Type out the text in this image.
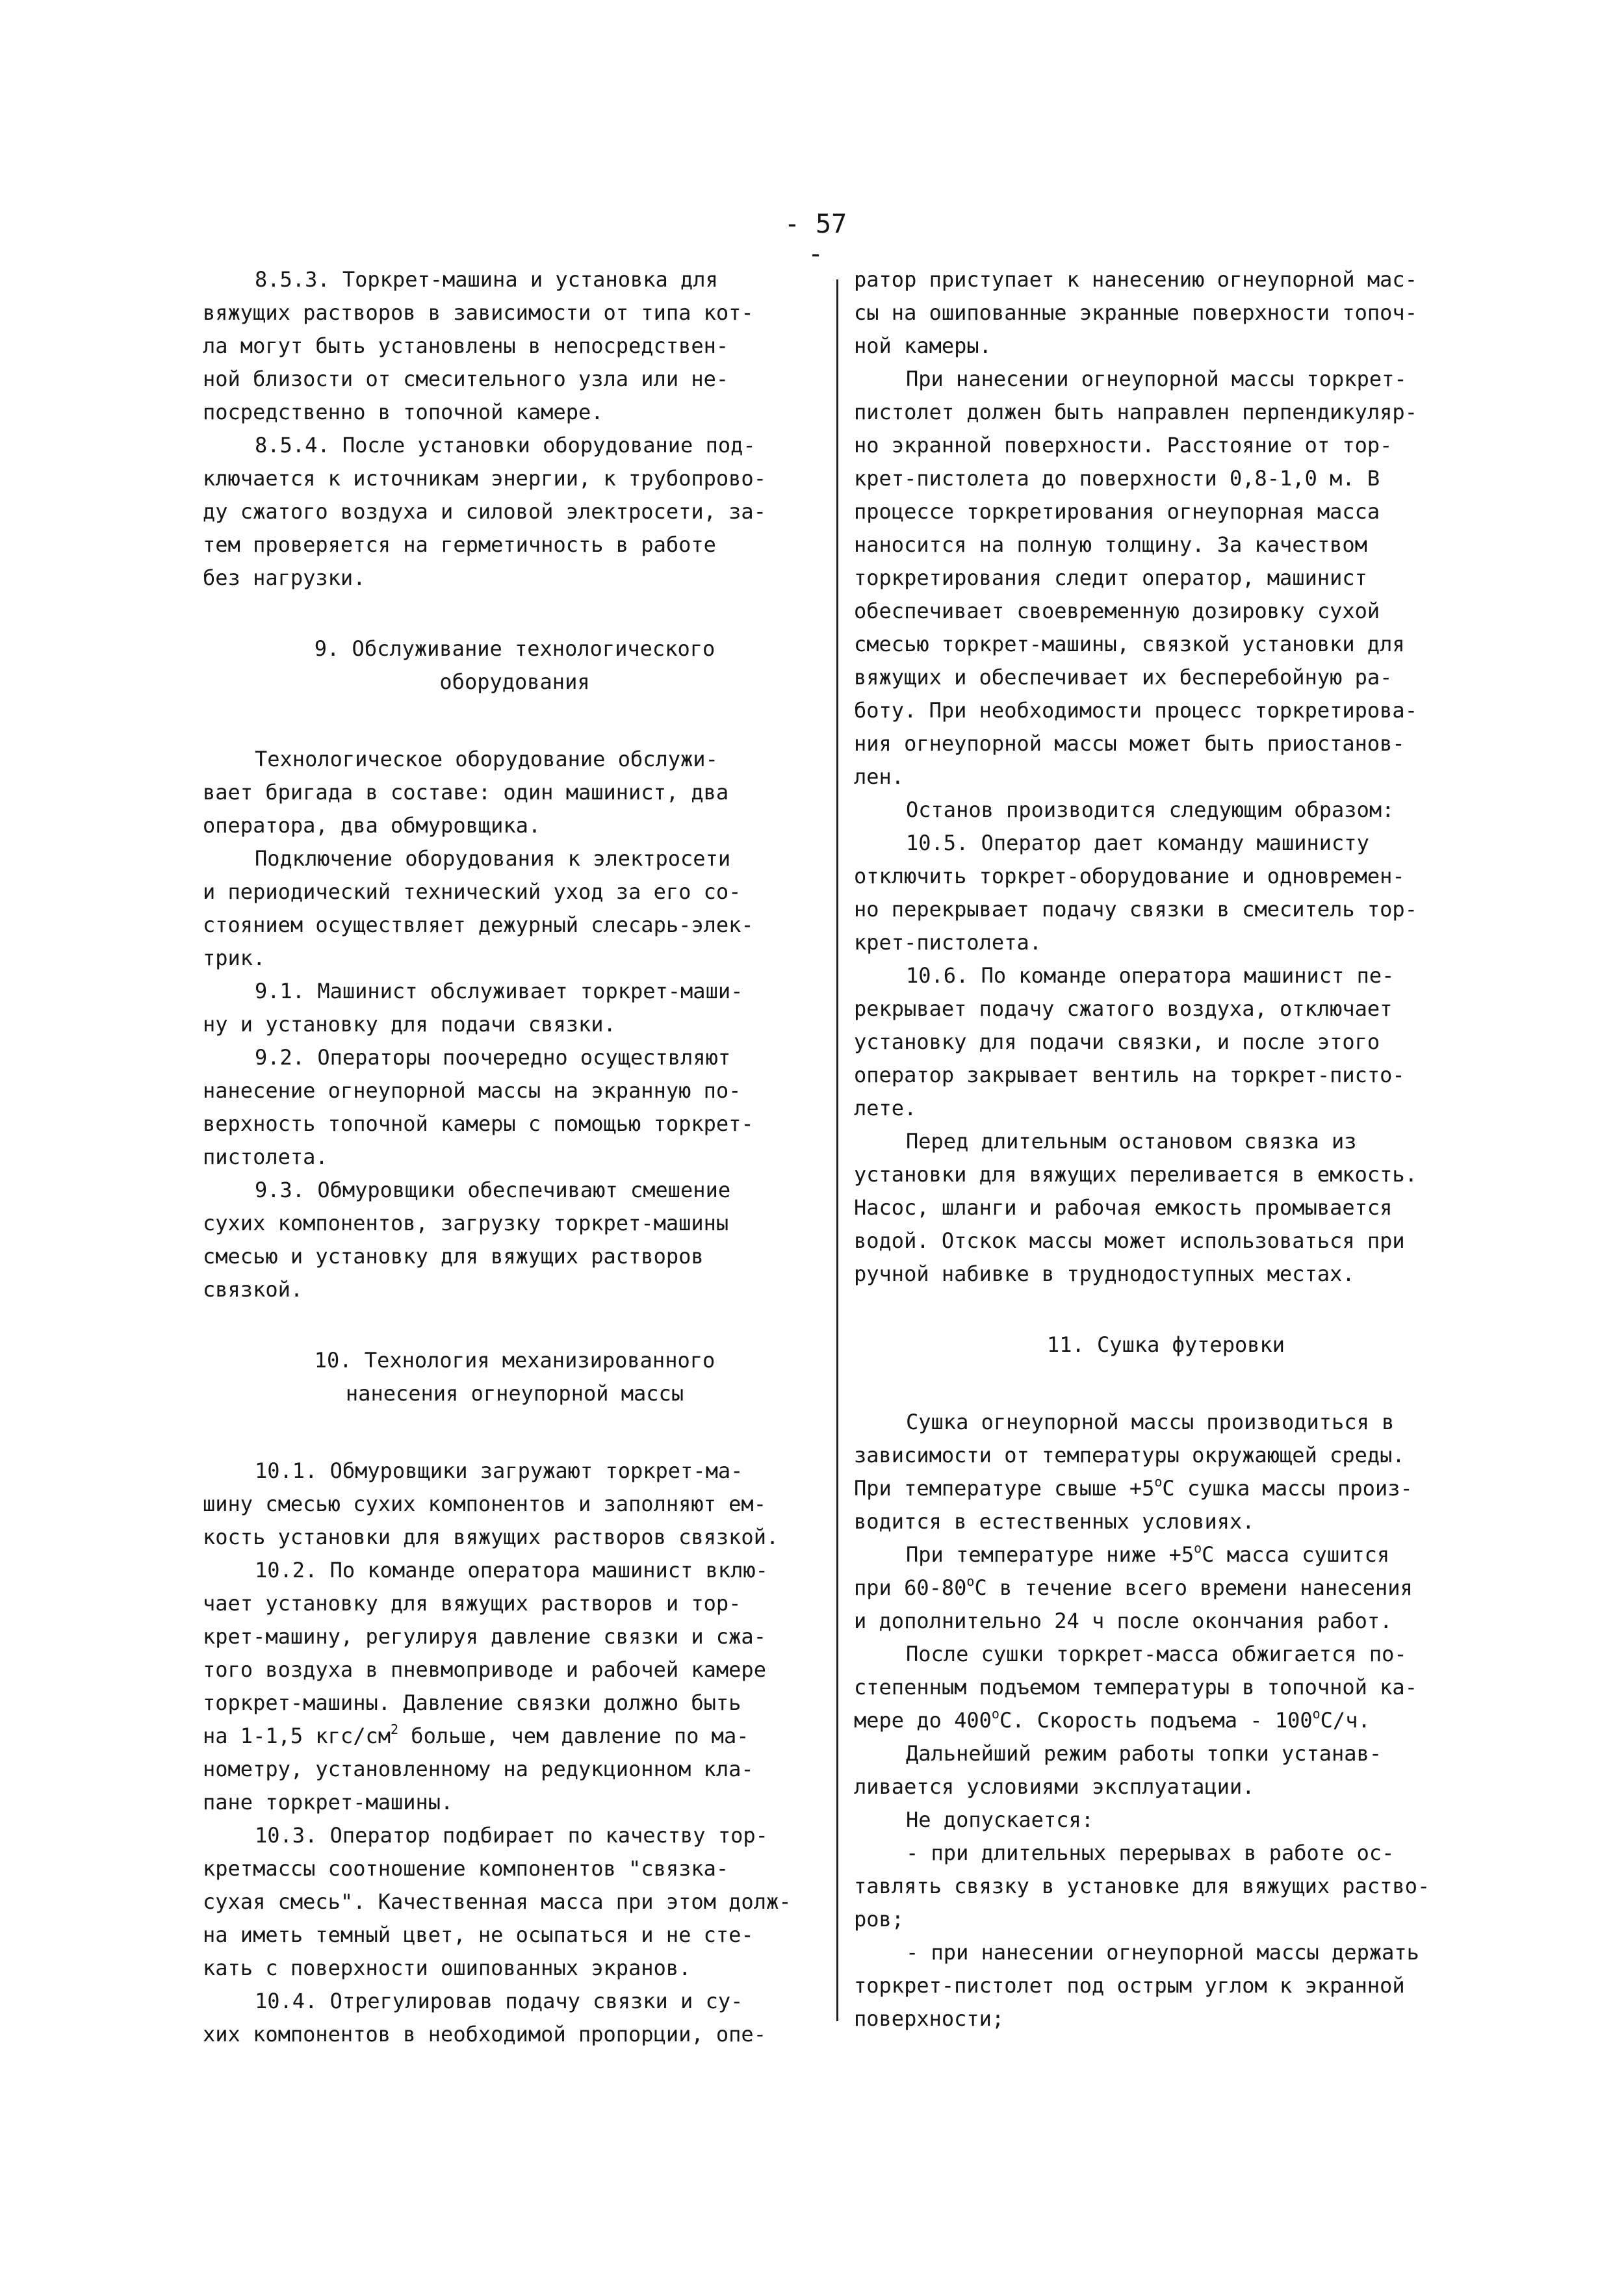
- 57 -

8.5.3. Торкрет-машина и установка для
вяжущих растворов в зависимости от типа кот-
ла могут быть установлены в непосредствен-
ной близости от смесительного узла или не-
посредственно в топочной камере.

8.5.4. После установки оборудование под-
ключается к источникам энергии, к трубопрово-
ду сжатого воздуха и силовой электросети, за-
тем проверяется на герметичность в работе
без нагрузки.

9. Обслуживание технологического
оборудования

Технологическое оборудование обслужи-
вает бригада в составе: один машинист, два
оператора, два обмуровщика.

Подключение оборудования к электросети
и периодический технический уход за его со-
стоянием осуществляет дежурный слесарь-элек-
трик.

9.1. Машинист обслуживает торкрет-маши-
ну и установку для подачи связки.

9.2. Операторы поочередно осуществляют
нанесение огнеупорной массы на экранную по-
верхность топочной камеры с помощью торкрет-
пистолета.

9.3. Обмуровщики обеспечивают смешение
сухих компонентов, загрузку торкрет-машины
смесью и установку для вяжущих растворов
связкой.

10. Технология механизированного
нанесения огнеупорной массы

10.1. Обмуровщики загружают торкрет-ма-
шину смесью сухих компонентов и заполняют ем-
кость установки для вяжущих растворов связкой.

10.2. По команде оператора машинист вклю-
чает установку для вяжущих растворов и тор-
крет-машину, регулируя давление связки и сжа-
того воздуха в пневмоприводе и рабочей камере
торкрет-машины. Давление связки должно быть
на 1-1,5 кгс/$см^2$ больше, чем давление по ма-
нометру, установленному на редукционном кла-
пане торкрет-машины.

10.3. Оператор подбирает по качеству тор-
кретмассы соотношение компонентов "связка-
сухая смесь". Качественная масса при этом долж-
на иметь темный цвет, не осыпаться и не сте-
кать с поверхности ошипованных экранов.

10.4. Отрегулировав подачу связки и су-
хих компонентов в необходимой пропорции, опе-

ратор приступает к нанесению огнеупорной мас-
сы на ошипованные экранные поверхности топоч-
ной камеры.

При нанесении огнеупорной массы торкрет-
пистолет должен быть направлен перпендикуляр-
но экранной поверхности. Расстояние от тор-
крет-пистолета до поверхности 0,8-1,0 м. В
процессе торкретирования огнеупорная масса
наносится на полную толщину. За качеством
торкретирования следит оператор, машинист
обеспечивает своевременную дозировку сухой
смесью торкрет-машины, связкой установки для
вяжущих и обеспечивает их бесперебойную ра-
боту. При необходимости процесс торкретирова-
ния огнеупорной массы может быть приостанов-
лен.

Останов производится следующим образом:

10.5. Оператор дает команду машинисту
отключить торкрет-оборудование и одновремен-
но перекрывает подачу связки в смеситель тор-
крет-пистолета.

10.6. По команде оператора машинист пе-
рекрывает подачу сжатого воздуха, отключает
установку для подачи связки, и после этого
оператор закрывает вентиль на торкрет-писто-
лете.

Перед длительным остановом связка из
установки для вяжущих переливается в емкость.
Насос, шланги и рабочая емкость промывается
водой. Отскок массы может использоваться при
ручной набивке в труднодоступных местах.

11. Сушка футеровки

Сушка огнеупорной массы производиться в
зависимости от температуры окружающей среды.
При температуре свыше $+5^оС$ сушка массы произ-
водится в естественных условиях.

При температуре ниже $+5^оС$ масса сушится
при $60-80^оС$ в течение всего времени нанесения
и дополнительно 24 ч после окончания работ.

После сушки торкрет-масса обжигается по-
степенным подъемом температуры в топочной ка-
мере до $400^оС$. Скорость подъема - $100^оС/ч$.

Дальнейший режим работы топки устанав-
ливается условиями эксплуатации.

Не допускается:

- при длительных перерывах в работе ос-
тавлять связку в установке для вяжущих раство-
ров;

- при нанесении огнеупорной массы держать
торкрет-пистолет под острым углом к экранной
поверхности;
